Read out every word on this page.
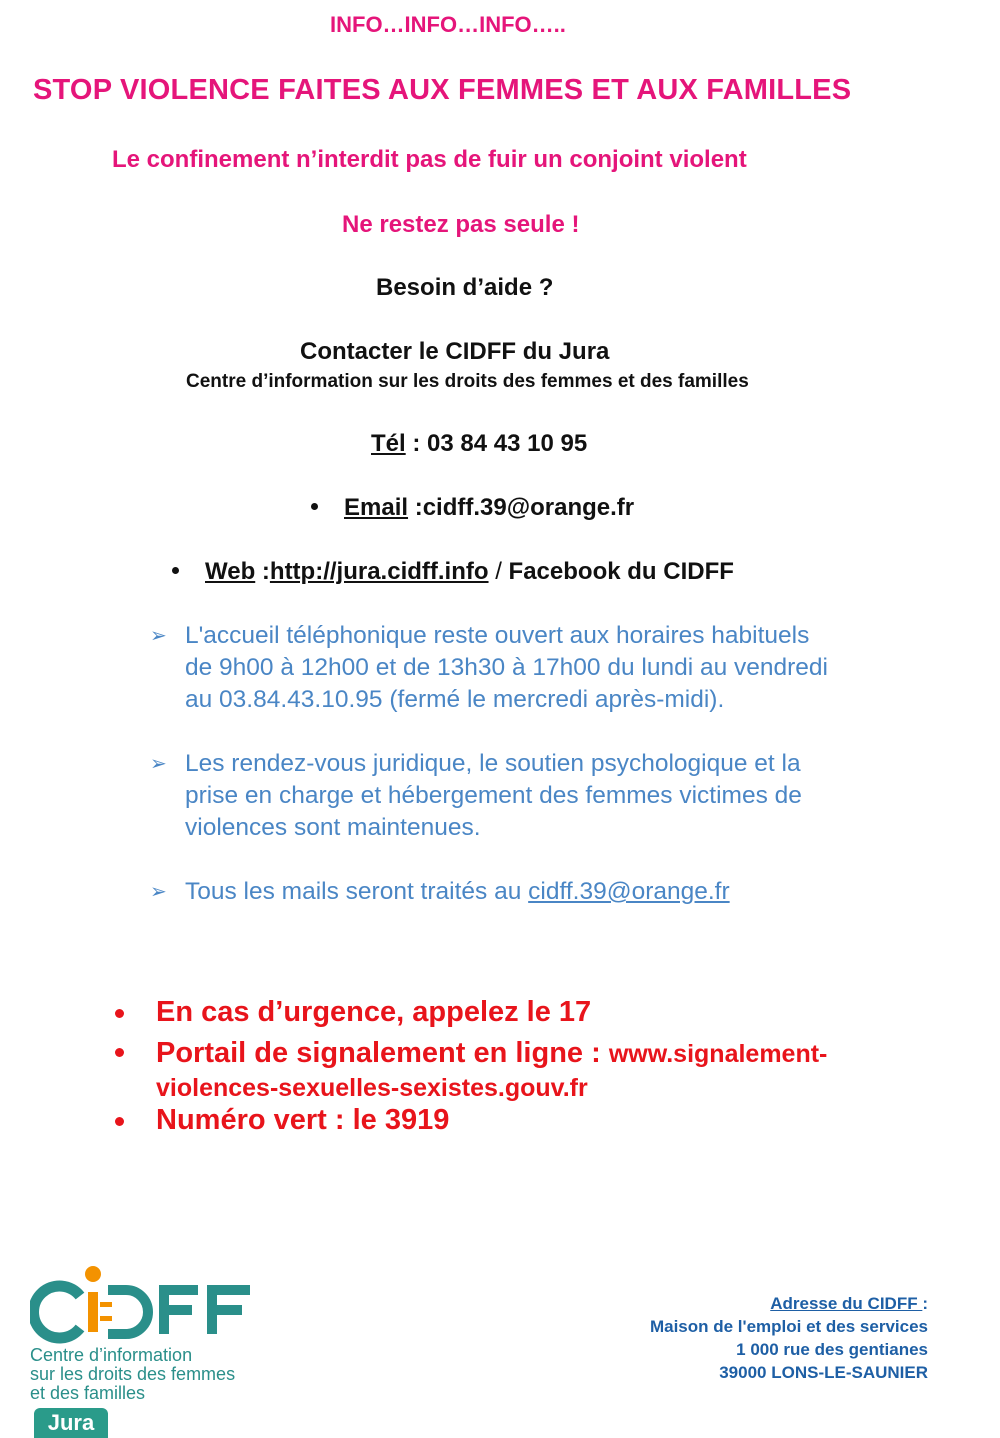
INFO…INFO…INFO…..
STOP VIOLENCE FAITES AUX FEMMES ET AUX FAMILLES
Le confinement n’interdit pas de fuir un conjoint violent
Ne restez pas seule !
Besoin d’aide ?
Contacter le CIDFF du Jura
Centre d’information sur les droits des femmes et des familles
Tél : 03 84 43 10 95
Email :cidff.39@orange.fr
Web :http://jura.cidff.info / Facebook du CIDFF
➢ L'accueil téléphonique reste ouvert aux horaires habituels
de 9h00 à 12h00 et de 13h30 à 17h00 du lundi au vendredi
au 03.84.43.10.95 (fermé le mercredi après-midi).
➢ Les rendez-vous juridique, le soutien psychologique et la
prise en charge et hébergement des femmes victimes de
violences sont maintenues.
➢ Tous les mails seront traités au cidff.39@orange.fr
En cas d’urgence, appelez le 17
Portail de signalement en ligne : www.signalement-
violences-sexuelles-sexistes.gouv.fr
Numéro vert : le 3919
Centre d’information
sur les droits des femmes
et des familles
Jura
Adresse du CIDFF :
Maison de l'emploi et des services
1 000 rue des gentianes
39000 LONS-LE-SAUNIER
